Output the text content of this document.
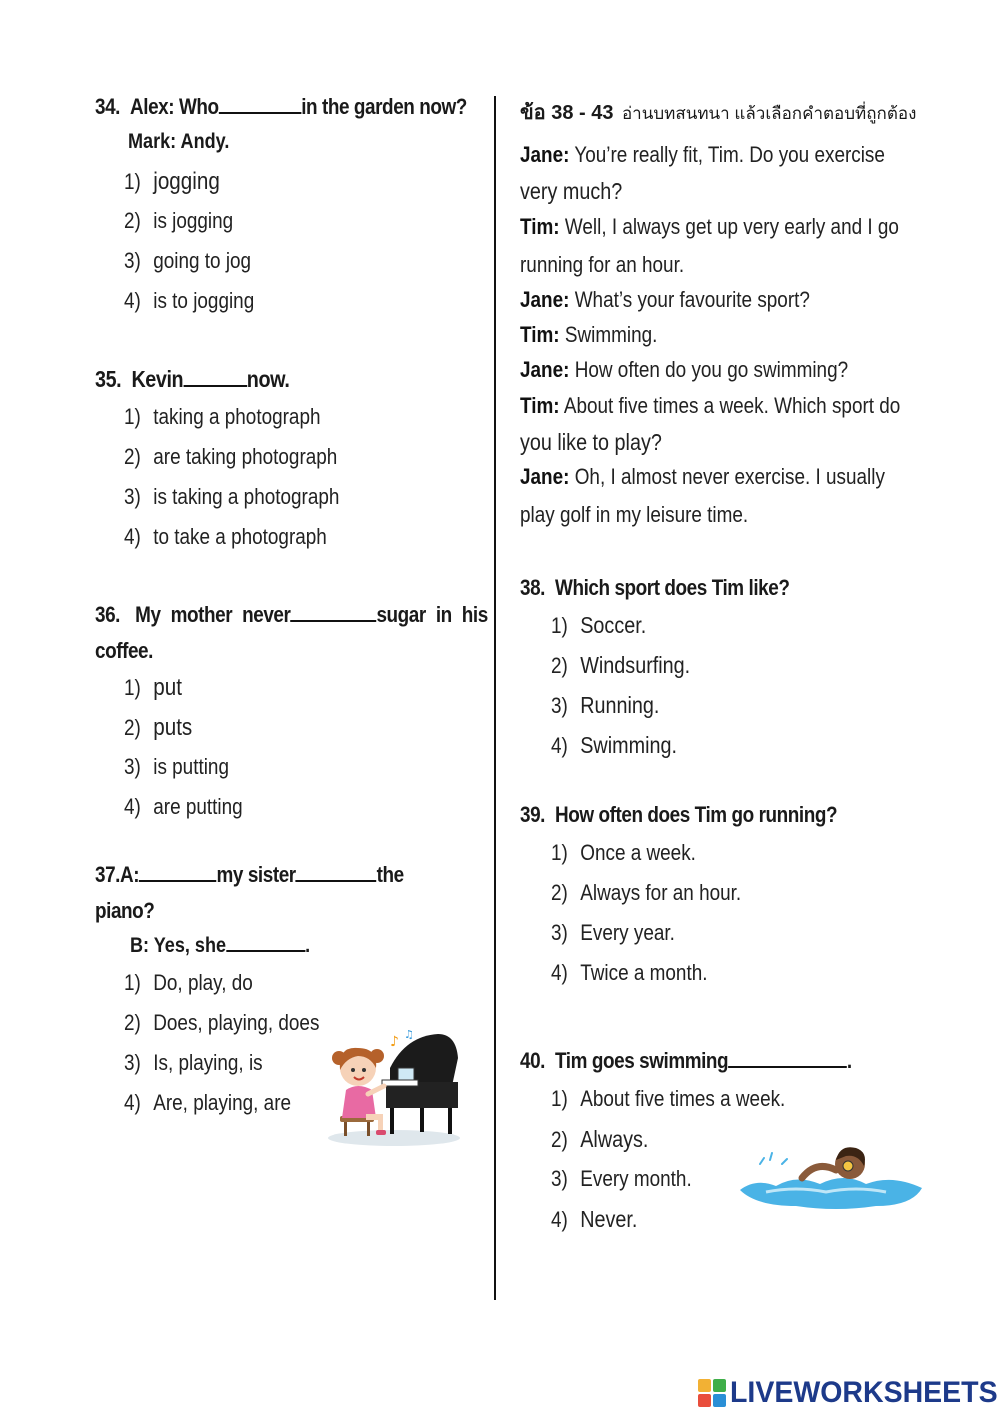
34. Alex: Who	in the garden now?
Mark: Andy.
1) jogging
2) is jogging
3) going to jog
4) is to jogging
35. Kevin	now.
1) taking a photograph
2) are taking photograph
3) is taking a photograph
4) to take a photograph
36. My mother never	sugar in his
coffee.
1) put
2) puts
3) is putting
4) are putting
37.A:	my sister	the
piano?
B: Yes, she	.
1) Do, play, do
2) Does, playing, does
3) Is, playing, is
4) Are, playing, are
♪ ♫
ข้อ 38 - 43 อ่านบทสนทนา แล้วเลือกคำตอบที่ถูกต้อง
Jane: You’re really fit, Tim. Do you exercise
very much?
Tim: Well, I always get up very early and I go
running for an hour.
Jane: What’s your favourite sport?
Tim: Swimming.
Jane: How often do you go swimming?
Tim: About five times a week. Which sport do
you like to play?
Jane: Oh, I almost never exercise. I usually
play golf in my leisure time.
38. Which sport does Tim like?
1) Soccer.
2) Windsurfing.
3) Running.
4) Swimming.
39. How often does Tim go running?
1) Once a week.
2) Always for an hour.
3) Every year.
4) Twice a month.
40. Tim goes swimming	.
1) About five times a week.
2) Always.
3) Every month.
4) Never.
LIVEWORKSHEETS
